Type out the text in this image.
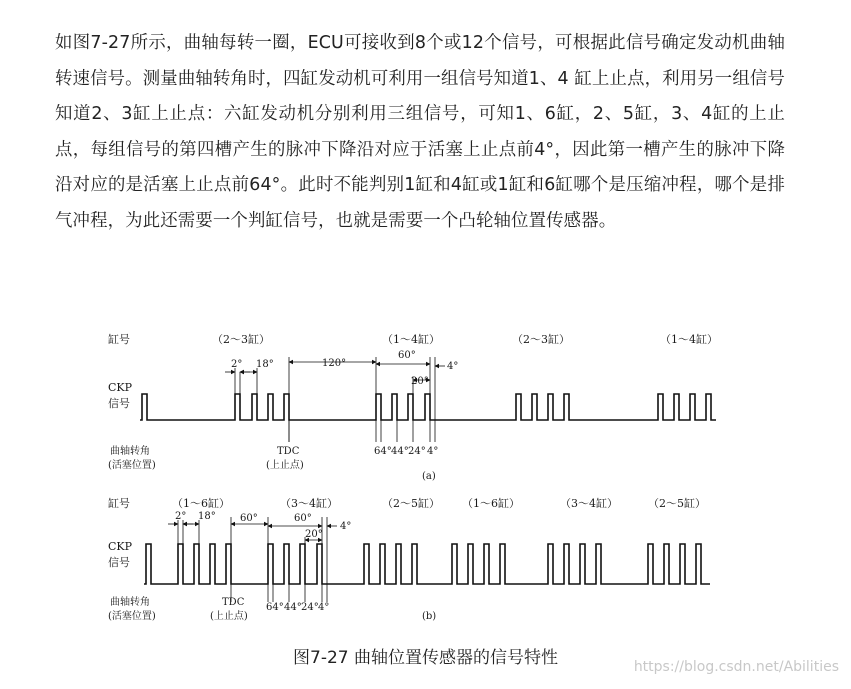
如图7-27所示，曲轴每转一圈，ECU可接收到8个或12个信号，可根据此信号确定发动机曲轴转速信号。测量曲轴转角时，四缸发动机可利用一组信号知道1、4 缸上止点，利用另一组信号知道2、3缸上止点：六缸发动机分别利用三组信号，可知1、6缸，2、5缸，3、4缸的上止点，每组信号的第四槽产生的脉冲下降沿对应于活塞上止点前4°，因此第一槽产生的脉冲下降沿对应的是活塞上止点前64°。此时不能判别1缸和4缸或1缸和6缸哪个是压缩冲程，哪个是排气冲程，为此还需要一个判缸信号，也就是需要一个凸轮轴位置传感器。
缸号	（2～3缸）	（1～4缸）	（2～3缸）	（1～4缸）
CKP
信号
2° 18°	120°
60°
20°
4°
64° 44° 24° 4°
曲轴转角
(活塞位置)
TDC
(上止点)
(a)
缸号	（1～6缸）	（3～4缸）	（2～5缸） （1～6缸）	（3～4缸）	（2～5缸）
CKP
信号
2° 18° 60°	60°
20°
4°
64° 44° 24° 4°
曲轴转角
(活塞位置)
TDC
(上止点)	(b)
图7-27 曲轴位置传感器的信号特性	https://blog.csdn.net/Abilities
